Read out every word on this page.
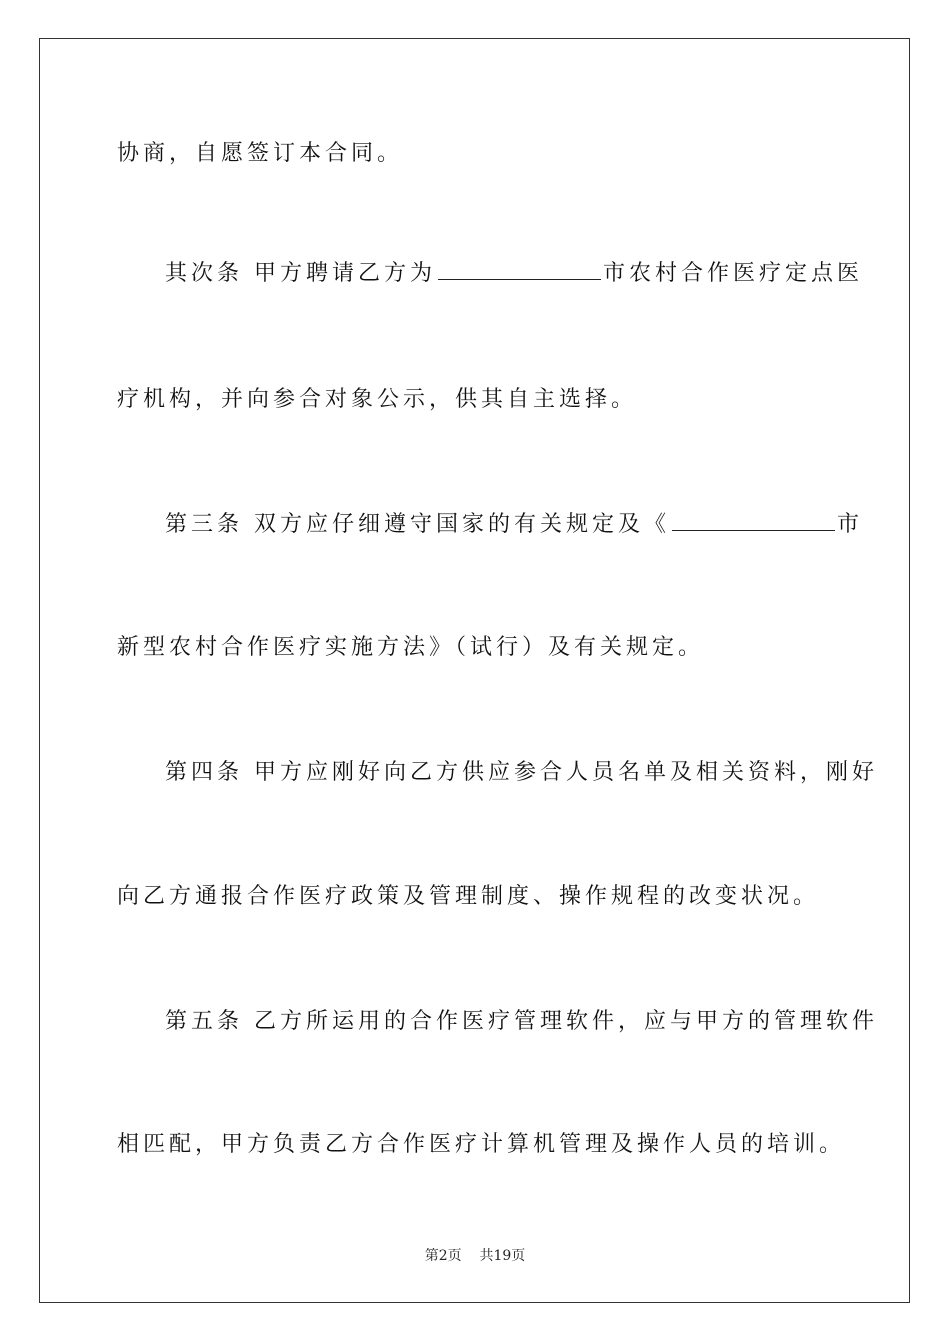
协商，自愿签订本合同。
其次条 甲方聘请乙方为	市农村合作医疗定点医
疗机构，并向参合对象公示，供其自主选择。
第三条 双方应仔细遵守国家的有关规定及《	市
新型农村合作医疗实施方法》（试行）及有关规定。
第四条 甲方应刚好向乙方供应参合人员名单及相关资料，刚好
向乙方通报合作医疗政策及管理制度、操作规程的改变状况。
第五条 乙方所运用的合作医疗管理软件，应与甲方的管理软件
相匹配，甲方负责乙方合作医疗计算机管理及操作人员的培训。
第2页 共19页
